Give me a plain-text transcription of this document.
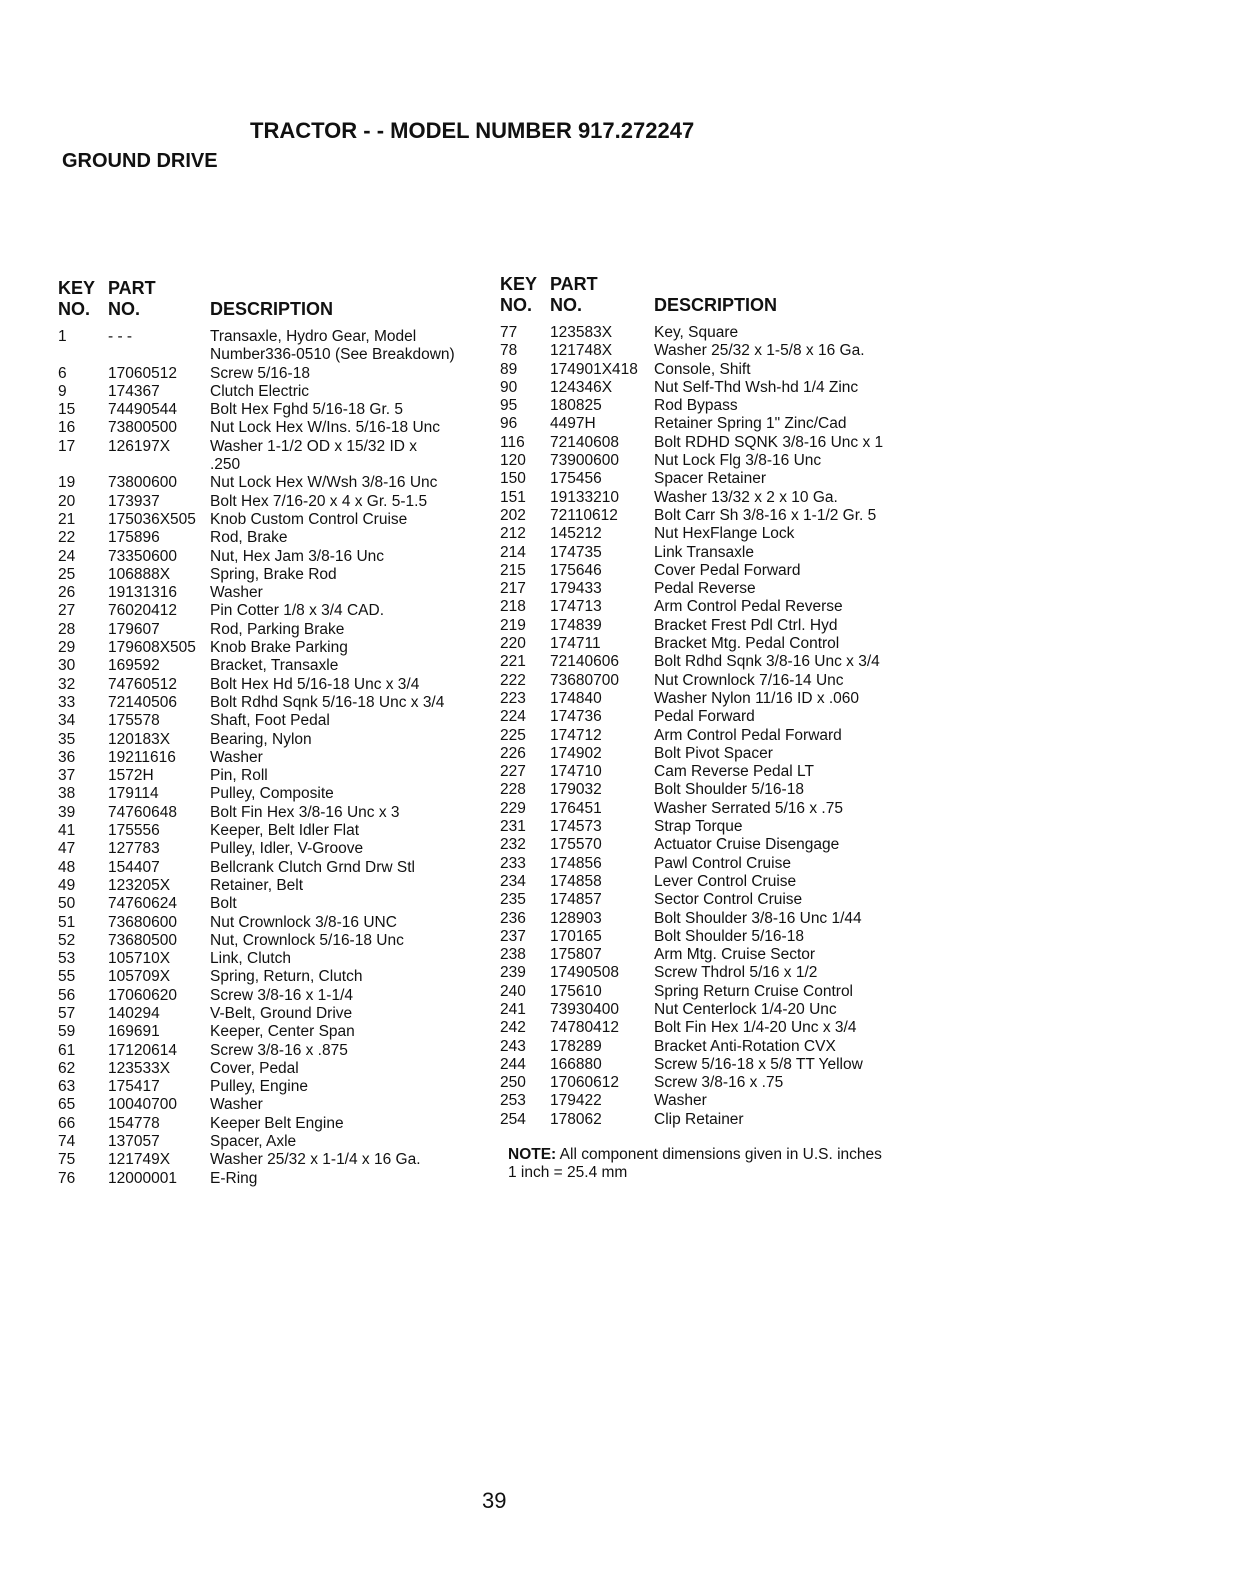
TRACTOR - - MODEL NUMBER 917.272247
GROUND DRIVE
KEY
NO.
PART
NO.	DESCRIPTION
1	- - -	Transaxle, Hydro Gear, Model
Number336-0510 (See Breakdown)
6	17060512 Screw 5/16-18
9	174367	Clutch Electric
15 74490544 Bolt Hex Fghd 5/16-18 Gr. 5
16 73800500 Nut Lock Hex W/Ins. 5/16-18 Unc
17 126197X	Washer 1-1/2 OD x 15/32 ID x
.250
19 73800600 Nut Lock Hex W/Wsh 3/8-16 Unc
20 173937	Bolt Hex 7/16-20 x 4 x Gr. 5-1.5
21 175036X505 Knob Custom Control Cruise
22 175896	Rod, Brake
24 73350600 Nut, Hex Jam 3/8-16 Unc
25 106888X	Spring, Brake Rod
26 19131316 Washer
27 76020412 Pin Cotter 1/8 x 3/4 CAD.
28 179607	Rod, Parking Brake
29 179608X505 Knob Brake Parking
30 169592	Bracket, Transaxle
32 74760512 Bolt Hex Hd 5/16-18 Unc x 3/4
33 72140506 Bolt Rdhd Sqnk 5/16-18 Unc x 3/4
34 175578	Shaft, Foot Pedal
35 120183X	Bearing, Nylon
36 19211616 Washer
37 1572H	Pin, Roll
38 179114	Pulley, Composite
39 74760648 Bolt Fin Hex 3/8-16 Unc x 3
41 175556	Keeper, Belt Idler Flat
47 127783	Pulley, Idler, V-Groove
48 154407	Bellcrank Clutch Grnd Drw Stl
49 123205X	Retainer, Belt
50 74760624 Bolt
51 73680600 Nut Crownlock 3/8-16 UNC
52 73680500 Nut, Crownlock 5/16-18 Unc
53 105710X	Link, Clutch
55 105709X	Spring, Return, Clutch
56 17060620 Screw 3/8-16 x 1-1/4
57 140294	V-Belt, Ground Drive
59 169691	Keeper, Center Span
61 17120614 Screw 3/8-16 x .875
62 123533X	Cover, Pedal
63 175417	Pulley, Engine
65 10040700 Washer
66 154778	Keeper Belt Engine
74 137057	Spacer, Axle
75 121749X	Washer 25/32 x 1-1/4 x 16 Ga.
76 12000001 E-Ring
KEY
NO.
PART
NO.	DESCRIPTION
77 123583X	Key, Square
78 121748X	Washer 25/32 x 1-5/8 x 16 Ga.
89 174901X418 Console, Shift
90 124346X	Nut Self-Thd Wsh-hd 1/4 Zinc
95 180825	Rod Bypass
96 4497H	Retainer Spring 1" Zinc/Cad
116 72140608 Bolt RDHD SQNK 3/8-16 Unc x 1
120 73900600 Nut Lock Flg 3/8-16 Unc
150 175456	Spacer Retainer
151 19133210 Washer 13/32 x 2 x 10 Ga.
202 72110612 Bolt Carr Sh 3/8-16 x 1-1/2 Gr. 5
212 145212	Nut HexFlange Lock
214 174735	Link Transaxle
215 175646	Cover Pedal Forward
217 179433	Pedal Reverse
218 174713	Arm Control Pedal Reverse
219 174839	Bracket Frest Pdl Ctrl. Hyd
220 174711	Bracket Mtg. Pedal Control
221 72140606 Bolt Rdhd Sqnk 3/8-16 Unc x 3/4
222 73680700 Nut Crownlock 7/16-14 Unc
223 174840	Washer Nylon 11/16 ID x .060
224 174736	Pedal Forward
225 174712	Arm Control Pedal Forward
226 174902	Bolt Pivot Spacer
227 174710	Cam Reverse Pedal LT
228 179032	Bolt Shoulder 5/16-18
229 176451	Washer Serrated 5/16 x .75
231 174573	Strap Torque
232 175570	Actuator Cruise Disengage
233 174856	Pawl Control Cruise
234 174858	Lever Control Cruise
235 174857	Sector Control Cruise
236 128903	Bolt Shoulder 3/8-16 Unc 1/44
237 170165	Bolt Shoulder 5/16-18
238 175807	Arm Mtg. Cruise Sector
239 17490508 Screw Thdrol 5/16 x 1/2
240 175610	Spring Return Cruise Control
241 73930400 Nut Centerlock 1/4-20 Unc
242 74780412 Bolt Fin Hex 1/4-20 Unc x 3/4
243 178289	Bracket Anti-Rotation CVX
244 166880	Screw 5/16-18 x 5/8 TT Yellow
250 17060612 Screw 3/8-16 x .75
253 179422	Washer
254 178062	Clip Retainer
NOTE: All component dimensions given in U.S. inches
1 inch = 25.4 mm
39
